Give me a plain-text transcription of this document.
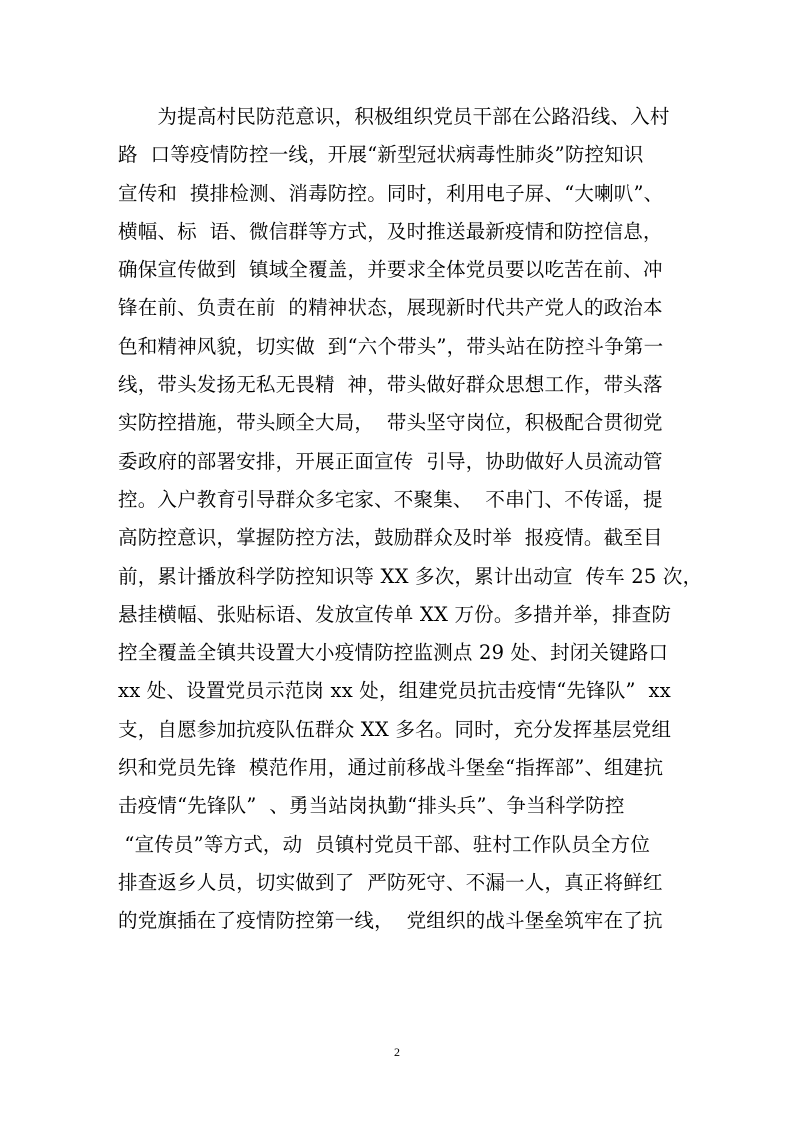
　　为提高村民防范意识，积极组织党员干部在公路沿线、入村
路  口等疫情防控一线，开展“新型冠状病毒性肺炎”防控知识
宣传和  摸排检测、消毒防控。同时，利用电子屏、“大喇叭”、
横幅、标  语、微信群等方式，及时推送最新疫情和防控信息，
确保宣传做到  镇域全覆盖，并要求全体党员要以吃苦在前、冲
锋在前、负责在前  的精神状态，展现新时代共产党人的政治本
色和精神风貌，切实做  到“六个带头”，带头站在防控斗争第一
线，带头发扬无私无畏精  神，带头做好群众思想工作，带头落
实防控措施，带头顾全大局，  带头坚守岗位，积极配合贯彻党
委政府的部署安排，开展正面宣传  引导，协助做好人员流动管
控。入户教育引导群众多宅家、不聚集、  不串门、不传谣，提
高防控意识，掌握防控方法，鼓励群众及时举  报疫情。截至目
前，累计播放科学防控知识等 XX 多次，累计出动宣  传车 25 次，
悬挂横幅、张贴标语、发放宣传单 XX 万份。多措并举，排查防
控全覆盖全镇共设置大小疫情防控监测点 29 处、封闭关键路口
xx 处、设置党员示范岗 xx 处，组建党员抗击疫情“先锋队”  xx
支，自愿参加抗疫队伍群众 XX 多名。同时，充分发挥基层党组
织和党员先锋  模范作用，通过前移战斗堡垒“指挥部”、组建抗
击疫情“先锋队”  、勇当站岗执勤“排头兵”、争当科学防控
“宣传员”等方式，动  员镇村党员干部、驻村工作队员全方位
排查返乡人员，切实做到了  严防死守、不漏一人，真正将鲜红
的党旗插在了疫情防控第一线，  党组织的战斗堡垒筑牢在了抗
2
